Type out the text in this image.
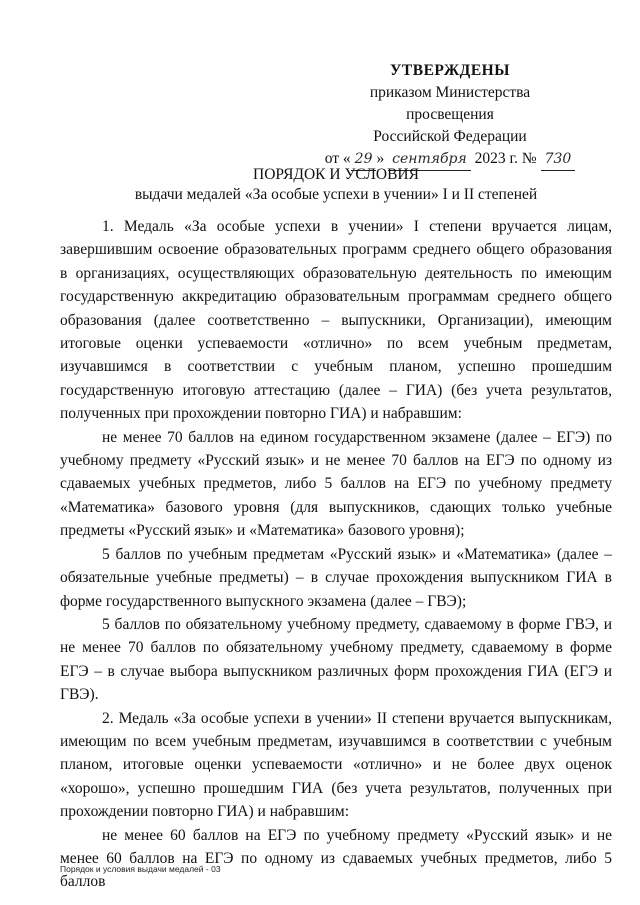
УТВЕРЖДЕНЫ
приказом Министерства просвещения
Российской Федерации
от « 29 »
сентября
2023 г. №
730
ПОРЯДОК И УСЛОВИЯ
выдачи медалей «За особые успехи в учении» I и II степеней

1. Медаль «За особые успехи в учении» I степени вручается лицам, завершившим освоение образовательных программ среднего общего образования в организациях, осуществляющих образовательную деятельность по имеющим государственную аккредитацию образовательным программам среднего общего образования (далее соответственно – выпускники, Организации), имеющим итоговые оценки успеваемости «отлично» по всем учебным предметам, изучавшимся в соответствии с учебным планом, успешно прошедшим государственную итоговую аттестацию (далее – ГИА) (без учета результатов, полученных при прохождении повторно ГИА) и набравшим:

не менее 70 баллов на едином государственном экзамене (далее – ЕГЭ) по учебному предмету «Русский язык» и не менее 70 баллов на ЕГЭ по одному из сдаваемых учебных предметов, либо 5 баллов на ЕГЭ по учебному предмету «Математика» базового уровня (для выпускников, сдающих только учебные предметы «Русский язык» и «Математика» базового уровня);

5 баллов по учебным предметам «Русский язык» и «Математика» (далее – обязательные учебные предметы) – в случае прохождения выпускником ГИА в форме государственного выпускного экзамена (далее – ГВЭ);

5 баллов по обязательному учебному предмету, сдаваемому в форме ГВЭ, и не менее 70 баллов по обязательному учебному предмету, сдаваемому в форме ЕГЭ – в случае выбора выпускником различных форм прохождения ГИА (ЕГЭ и ГВЭ).

2. Медаль «За особые успехи в учении» II степени вручается выпускникам, имеющим по всем учебным предметам, изучавшимся в соответствии с учебным планом, итоговые оценки успеваемости «отлично» и не более двух оценок «хорошо», успешно прошедшим ГИА (без учета результатов, полученных при прохождении повторно ГИА) и набравшим:

не менее 60 баллов на ЕГЭ по учебному предмету «Русский язык» и не менее 60 баллов на ЕГЭ по одному из сдаваемых учебных предметов, либо 5 баллов

Порядок и условия выдачи медалей - 03
